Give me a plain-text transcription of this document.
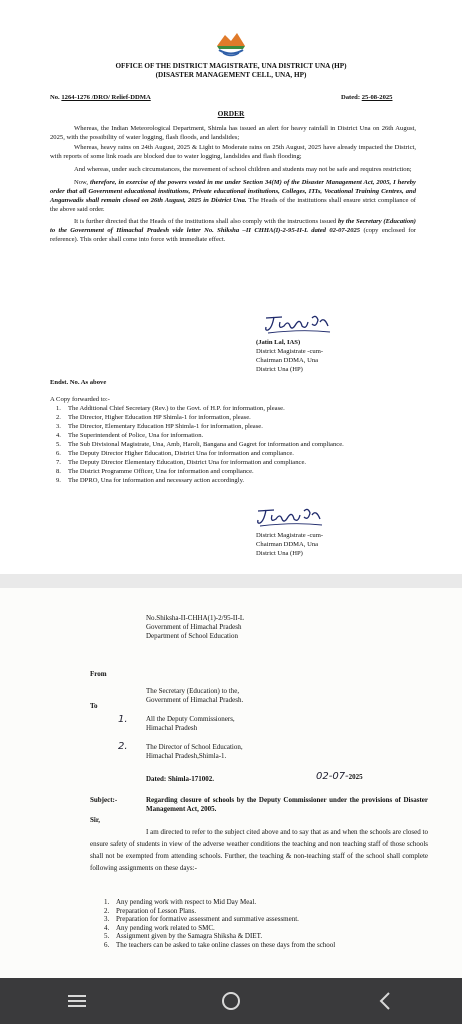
OFFICE OF THE DISTRICT MAGISTRATE, UNA DISTRICT UNA (HP)
(DISASTER MANAGEMENT CELL, UNA, HP)
No. 1264-1276 /DRO/ Relief-DDMA	Dated: 25-08-2025
ORDER
Whereas, the Indian Meteorological Department, Shimla has issued an alert for heavy rainfall in District Una on 26th August, 2025, with the possibility of water logging, flash floods, and landslides;
Whereas, heavy rains on 24th August, 2025 & Light to Moderate rains on 25th August, 2025 have already impacted the District, with reports of some link roads are blocked due to water logging, landslides and flash flooding;
And whereas, under such circumstances, the movement of school children and students may not be safe and requires restriction;
Now, therefore, in exercise of the powers vested in me under Section 34(M) of the Disaster Management Act, 2005, I hereby order that all Government educational institutions, Private educational institutions, Colleges, ITIs, Vocational Training Centres, and Anganwadis shall remain closed on 26th August, 2025 in District Una. The Heads of the institutions shall ensure strict compliance of the above said order.
It is further directed that the Heads of the institutions shall also comply with the instructions issued by the Secretary (Education) to the Government of Himachal Pradesh vide letter No. Shiksha –II CHHA(I)-2-95-II-L dated 02-07-2025 (copy enclosed for reference). This order shall come into force with immediate effect.
(Jatin Lal, IAS)
District Magistrate -cum-
Chairman DDMA, Una
District Una (HP)
Endst. No. As above
A Copy forwarded to:-
1. The Additional Chief Secretary (Rev.) to the Govt. of H.P. for information, please.
2. The Director, Higher Education HP Shimla-1 for information, please.
3. The Director, Elementary Education HP Shimla-1 for information, please.
4. The Superintendent of Police, Una for information.
5. The Sub Divisional Magistrate, Una, Amb, Haroli, Bangana and Gagret for information and compliance.
6. The Deputy Director Higher Education, District Una for information and compliance.
7. The Deputy Director Elementary Education, District Una for information and compliance.
8. The District Programme Officer, Una for information and compliance.
9. The DPRO, Una for information and necessary action accordingly.
District Magistrate -cum-
Chairman DDMA, Una
District Una (HP)
No.Shiksha-II-CHHA(1)-2/95-II-L
Government of Himachal Pradesh
Department of School Education
From
The Secretary (Education) to the,
Government of Himachal Pradesh.
To
1.	All the Deputy Commissioners,
Himachal Pradesh
2.	The Director of School Education,
Himachal Pradesh,Shimla-1.
Dated: Shimla-171002.	02-07-2025
Subject:-	Regarding closure of schools by the Deputy Commissioner under the provisions of Disaster Management Act, 2005.
Sir,
I am directed to refer to the subject cited above and to say that as and when the schools are closed to ensure safety of students in view of the adverse weather conditions the teaching and non teaching staff of those schools shall not be exempted from attending schools. Further, the teaching & non-teaching staff of the school shall complete following assignments on these days:-
1. Any pending work with respect to Mid Day Meal.
2. Preparation of Lesson Plans.
3. Preparation for formative assessment and summative assessment.
4. Any pending work related to SMC.
5. Assignment given by the Samagra Shiksha & DIET.
6. The teachers can be asked to take online classes on these days from the school
